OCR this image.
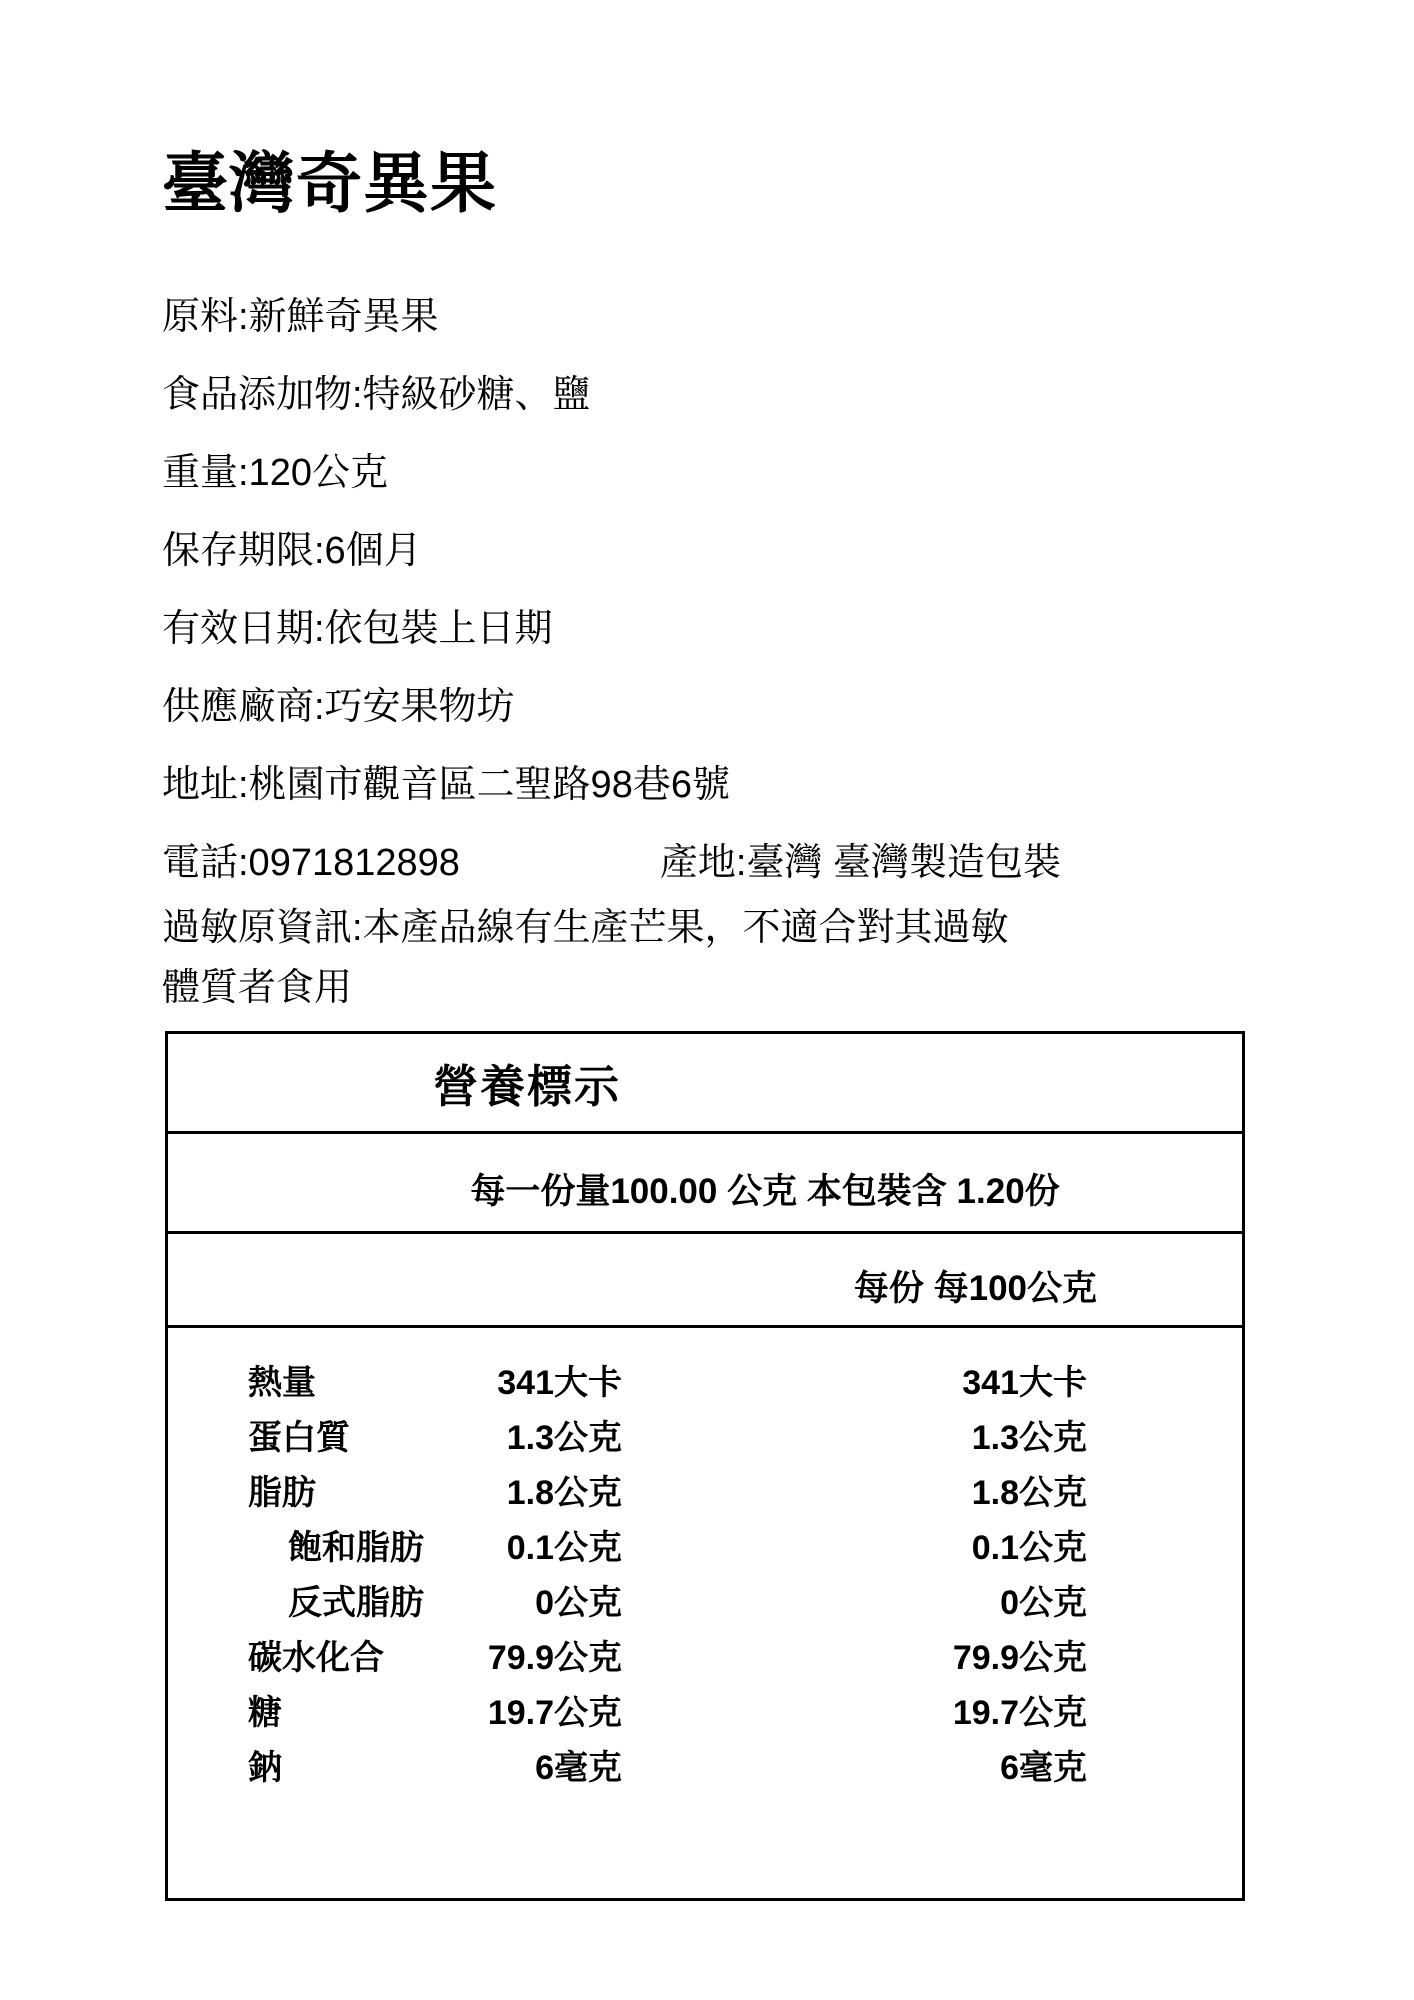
臺灣奇異果
原料:新鮮奇異果
食品添加物:特級砂糖、鹽
重量:120公克
保存期限:6個月
有效日期:依包裝上日期
供應廠商:巧安果物坊
地址:桃園市觀音區二聖路98巷6號
電話:0971812898	產地:臺灣 臺灣製造包裝
過敏原資訊:本產品線有生產芒果，不適合對其過敏
體質者食用
營養標示
每一份量100.00 公克 本包裝含 1.20份
每份 每100公克
熱量	341大卡	341大卡
蛋白質	1.3公克	1.3公克
脂肪	1.8公克	1.8公克
飽和脂肪	0.1公克	0.1公克
反式脂肪	0公克	0公克
碳水化合	79.9公克	79.9公克
糖	19.7公克	19.7公克
鈉	6毫克	6毫克
